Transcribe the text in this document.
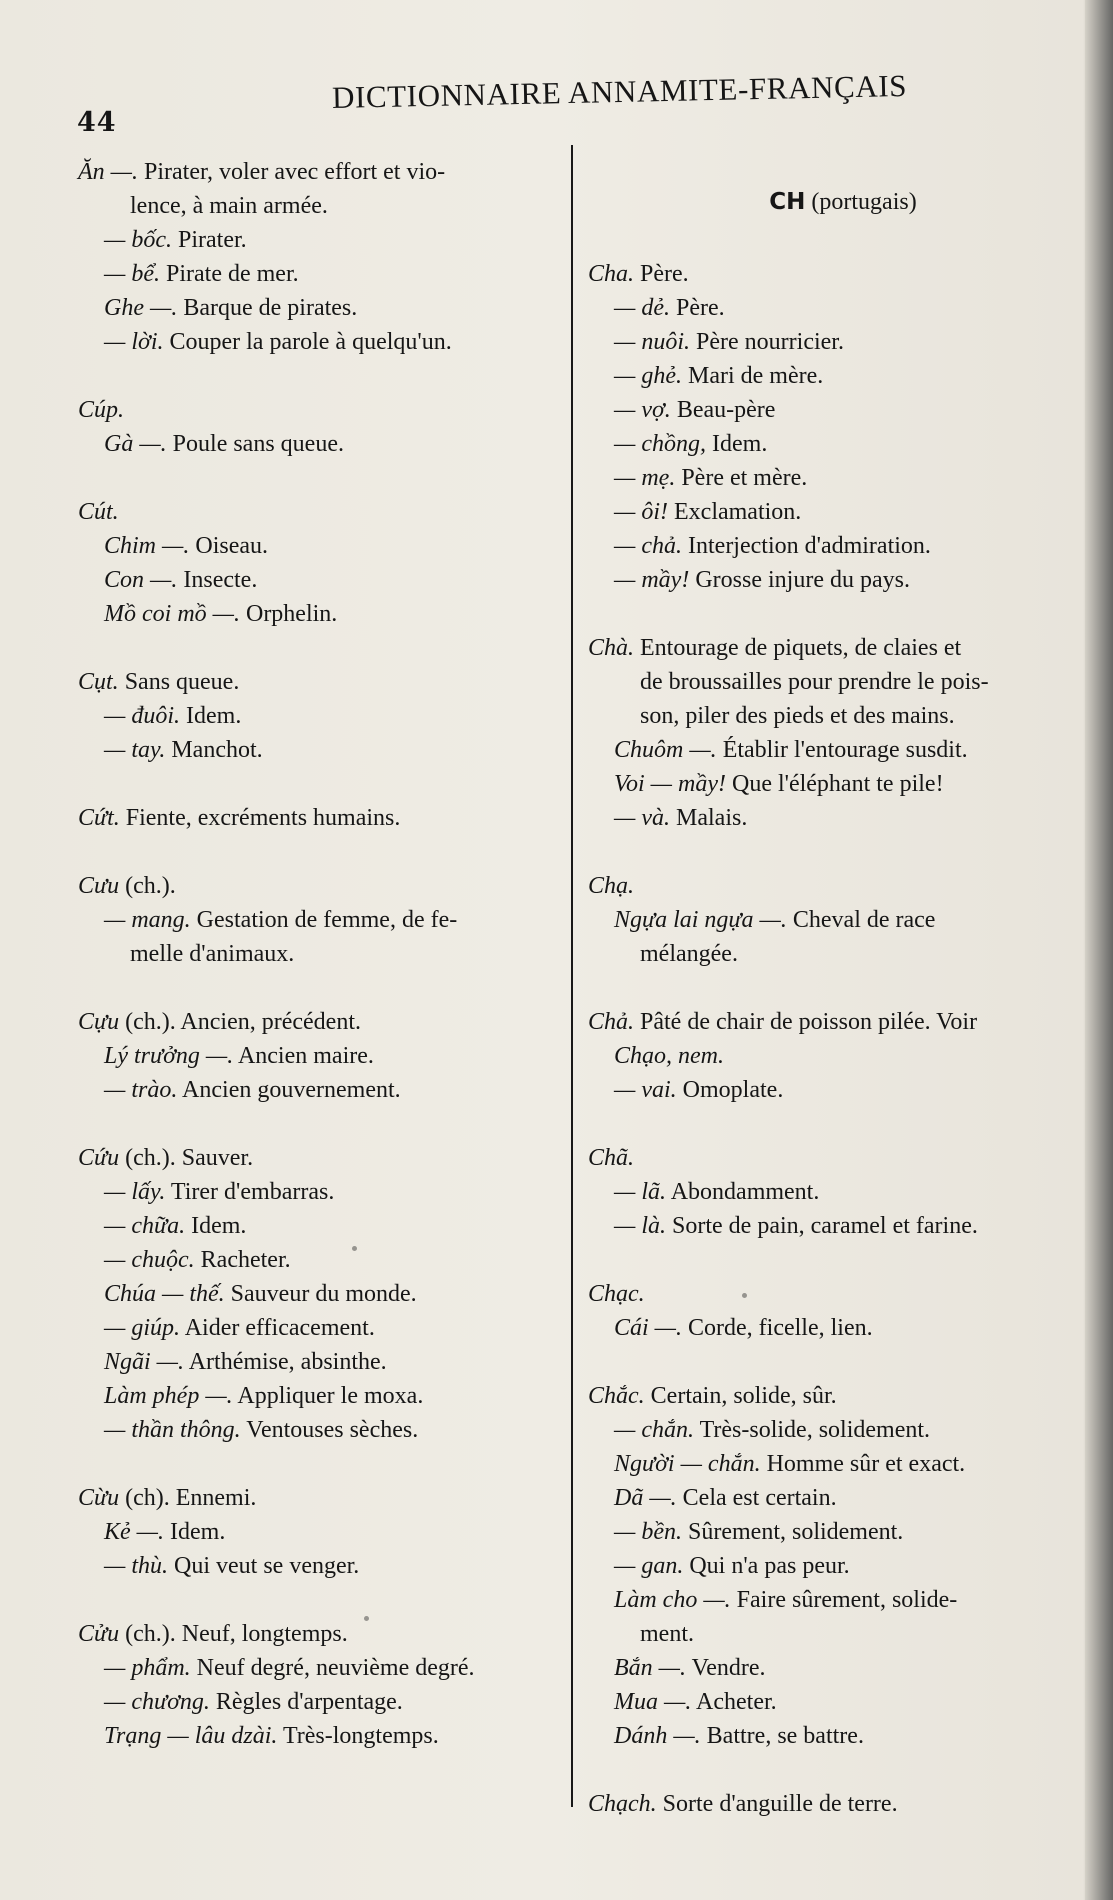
44
DICTIONNAIRE ANNAMITE-FRANÇAIS
Ăn —. Pirater, voler avec effort et vio-
lence, à main armée.
— bốc. Pirater.
— bể. Pirate de mer.
Ghe —. Barque de pirates.
— lời. Couper la parole à quelqu'un.
Cúp.
Gà —. Poule sans queue.
Cút.
Chim —. Oiseau.
Con —. Insecte.
Mồ coi mồ —. Orphelin.
Cụt. Sans queue.
— đuôi. Idem.
— tay. Manchot.
Cứt. Fiente, excréments humains.
Cưu (ch.).
— mang. Gestation de femme, de fe-
melle d'animaux.
Cựu (ch.). Ancien, précédent.
Lý trưởng —. Ancien maire.
— trào. Ancien gouvernement.
Cứu (ch.). Sauver.
— lấy. Tirer d'embarras.
— chữa. Idem.
— chuộc. Racheter.
Chúa — thế. Sauveur du monde.
— giúp. Aider efficacement.
Ngãi —. Arthémise, absinthe.
Làm phép —. Appliquer le moxa.
— thần thông. Ventouses sèches.
Cừu (ch). Ennemi.
Kẻ —. Idem.
— thù. Qui veut se venger.
Cửu (ch.). Neuf, longtemps.
— phẩm. Neuf degré, neuvième degré.
— chương. Règles d'arpentage.
Trạng — lâu dzài. Très-longtemps.
CH (portugais)
Cha. Père.
— dẻ. Père.
— nuôi. Père nourricier.
— ghẻ. Mari de mère.
— vợ. Beau-père
— chồng, Idem.
— mẹ. Père et mère.
— ôi! Exclamation.
— chả. Interjection d'admiration.
— mầy! Grosse injure du pays.
Chà. Entourage de piquets, de claies et
de broussailles pour prendre le pois-
son, piler des pieds et des mains.
Chuôm —. Établir l'entourage susdit.
Voi — mầy! Que l'éléphant te pile!
— và. Malais.
Chạ.
Ngựa lai ngựa —. Cheval de race
mélangée.
Chả. Pâté de chair de poisson pilée. Voir
Chạo, nem.
— vai. Omoplate.
Chã.
— lã. Abondamment.
— là. Sorte de pain, caramel et farine.
Chạc.
Cái —. Corde, ficelle, lien.
Chắc. Certain, solide, sûr.
— chắn. Très-solide, solidement.
Người — chắn. Homme sûr et exact.
Dã —. Cela est certain.
— bền. Sûrement, solidement.
— gan. Qui n'a pas peur.
Làm cho —. Faire sûrement, solide-
ment.
Bắn —. Vendre.
Mua —. Acheter.
Dánh —. Battre, se battre.
Chạch. Sorte d'anguille de terre.
